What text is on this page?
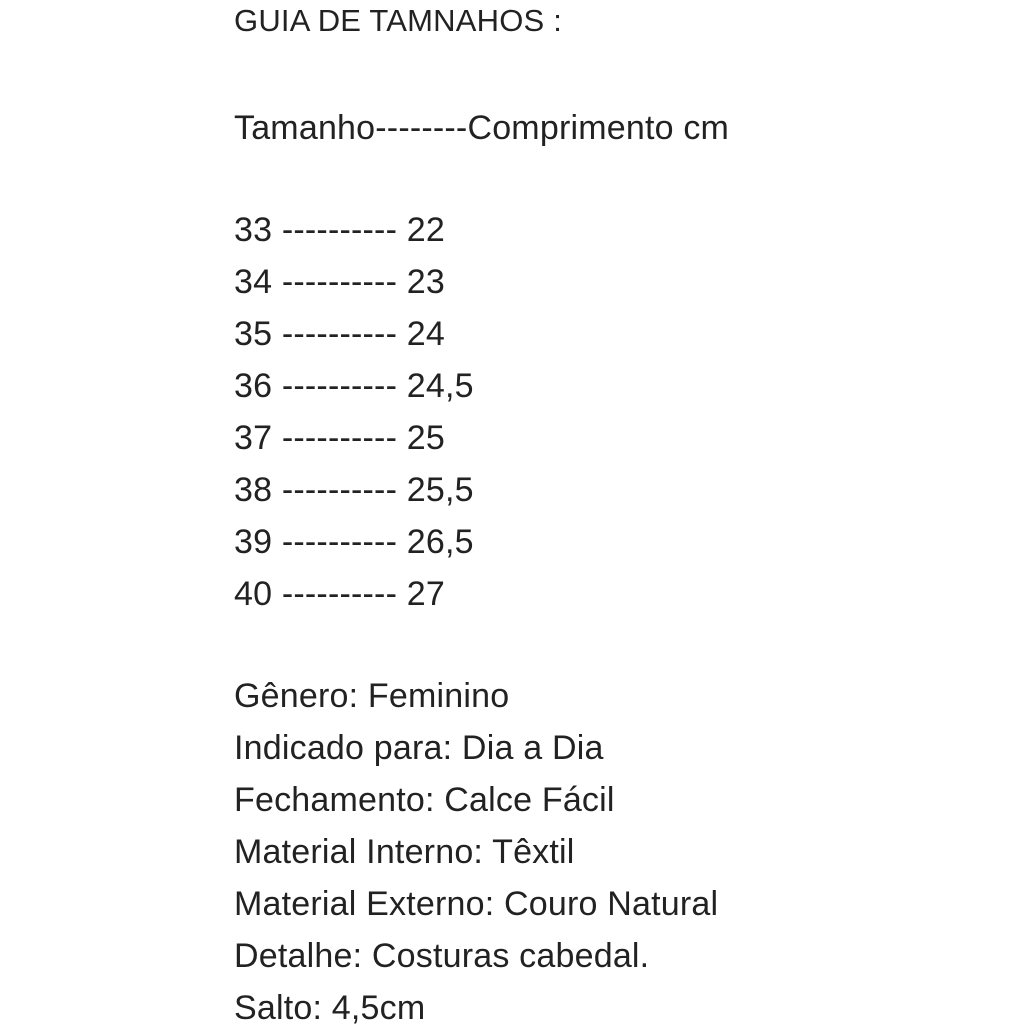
GUIA DE TAMNAHOS :
Tamanho--------Comprimento cm
33 ---------- 22
34 ---------- 23
35 ---------- 24
36 ---------- 24,5
37 ---------- 25
38 ---------- 25,5
39 ---------- 26,5
40 ---------- 27
Gênero: Feminino
Indicado para: Dia a Dia
Fechamento: Calce Fácil
Material Interno: Têxtil
Material Externo: Couro Natural
Detalhe: Costuras cabedal.
Salto: 4,5cm
